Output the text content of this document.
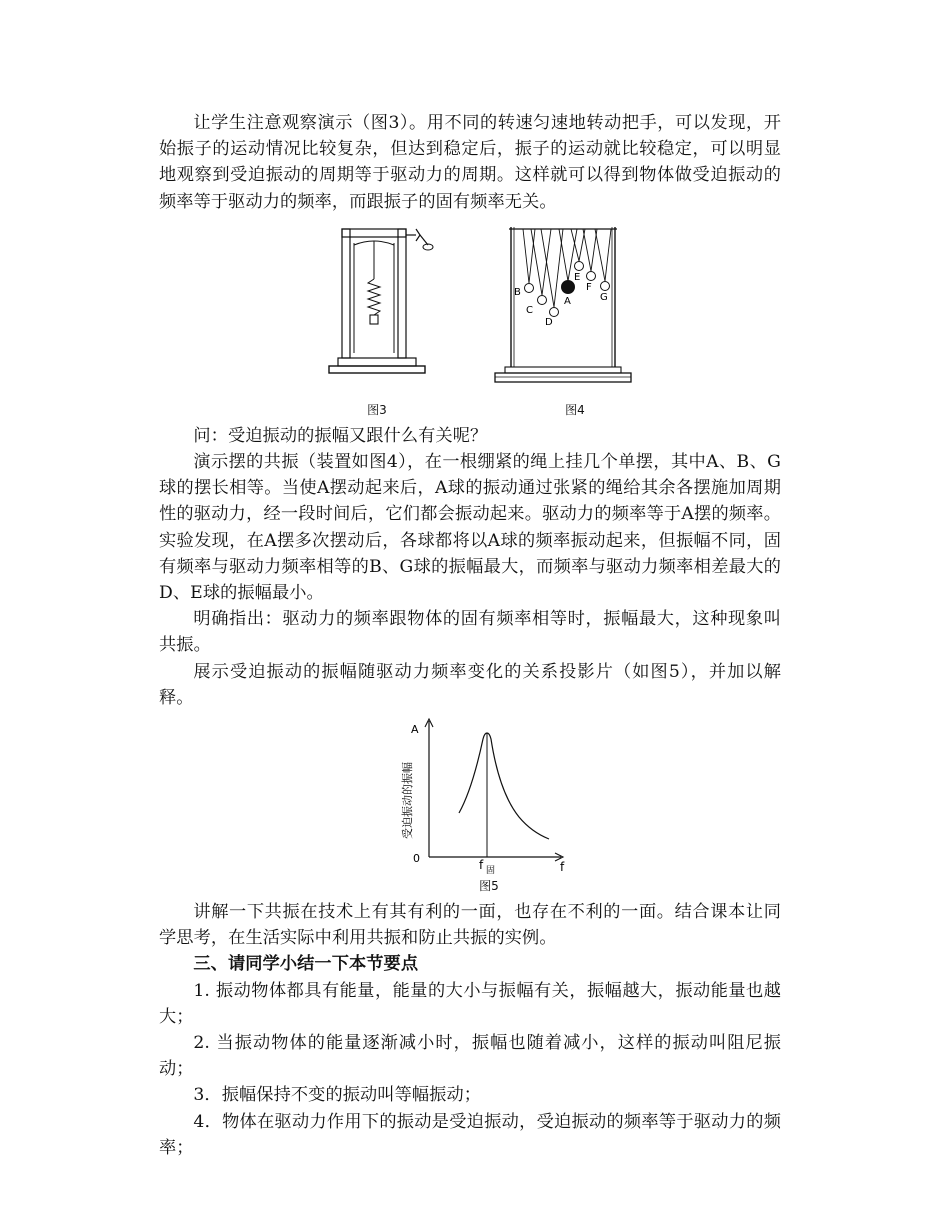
让学生注意观察演示（图3）。用不同的转速匀速地转动把手，可以发现，开始振子的运动情况比较复杂，但达到稳定后，振子的运动就比较稳定，可以明显地观察到受迫振动的周期等于驱动力的周期。这样就可以得到物体做受迫振动的频率等于驱动力的频率，而跟振子的固有频率无关。

图3
B
C
D
A
E
F
G
图4

问：受迫振动的振幅又跟什么有关呢？

演示摆的共振（装置如图4），在一根绷紧的绳上挂几个单摆，其中A、B、G球的摆长相等。当使A摆动起来后，A球的振动通过张紧的绳给其余各摆施加周期性的驱动力，经一段时间后，它们都会振动起来。驱动力的频率等于A摆的频率。实验发现，在A摆多次摆动后，各球都将以A球的频率振动起来，但振幅不同，固有频率与驱动力频率相等的B、G球的振幅最大，而频率与驱动力频率相差最大的D、E球的振幅最小。

明确指出：驱动力的频率跟物体的固有频率相等时，振幅最大，这种现象叫共振。

展示受迫振动的振幅随驱动力频率变化的关系投影片（如图5），并加以解释。

A
0
f
f 固
受迫振动的振幅
图5

讲解一下共振在技术上有其有利的一面，也存在不利的一面。结合课本让同学思考，在生活实际中利用共振和防止共振的实例。

三、请同学小结一下本节要点

1. 振动物体都具有能量，能量的大小与振幅有关，振幅越大，振动能量也越大；

2. 当振动物体的能量逐渐减小时，振幅也随着减小，这样的振动叫阻尼振动；

3．振幅保持不变的振动叫等幅振动；

4．物体在驱动力作用下的振动是受迫振动，受迫振动的频率等于驱动力的频率；
